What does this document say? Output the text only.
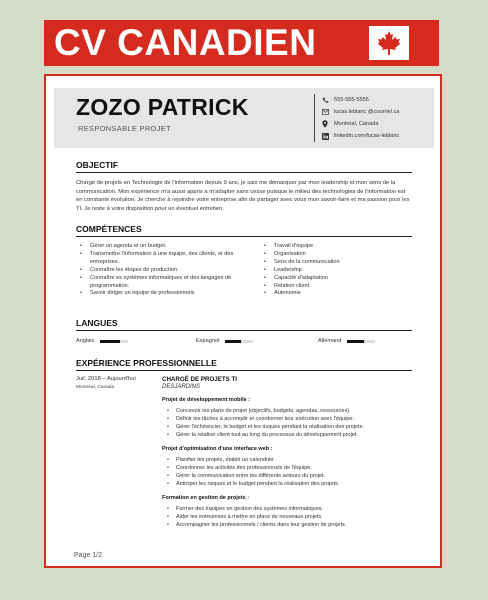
CV CANADIEN
ZOZO PATRICK
RESPONSABLE PROJET
555-555-5555
lucas.leblanc @courriel.ca
Montréal, Canada
linkedin.com/lucas-leblanc
OBJECTIF
Chargé de projets en Technologie de l'information depuis 9 ans, je sais me démarquer par mon leadership et mon sens de la communication. Mon expérience m'a aussi appris a m'adapter sans cesse puisque le milieu des technologies de l'information est en constante évolution. Je cherche à rejoindre votre entreprise afin de partager avec vous mon savoir-faire et ma passion pour les TI. Je reste à votre disposition pour un éventuel entretien.
COMPÉTENCES
• Gérer un agenda et un budget.
• Transmettre l'information à une équipe, des clients, et des entreprises.
• Connaître les étapes de production.
• Connaître es systèmes informatiques et des langages de programmation.
• Savoir diriger un équipe de professionnels
• Travail d'équipe
• Organisation
• Sens de la communication
• Leadership
• Capacité d'adaptation
• Relation client
• Autonomie
LANGUES
Anglais	Espagnol	Allemand
EXPÉRIENCE PROFESSIONNELLE
Juil. 2018 – Aujourd'hui
Montréal, Canada
CHARGÉ DE PROJETS TI
DESJARDINS
Projet de développement mobile :
• Concevoir les plans de projet (objectifs, budgets, agendas, ressources).
• Définir les tâches à accomplir et coordonner leur exécution avec l'équipe.
• Gérer l'échéancier, le budget et les risques pendant la réalisation des projets.
• Gérer la relation client tout au long du processus du développement projet.
Projet d'optimisation d'une interface web :
• Planifier les projets, établir un calendrier.
• Coordonner les activités des professionnels de l'équipe.
• Gérer la communication entre les différents acteurs du projet.
• Anticiper les risques et le budget pendant la réalisation des projets.
Formation en gestion de projets :
• Former des équipes en gestion des systèmes informatiques.
• Aider les entreprises à mettre en place de nouveaux projets.
• Accompagner les professionnels / clients dans leur gestion de projets.
Page 1/2
